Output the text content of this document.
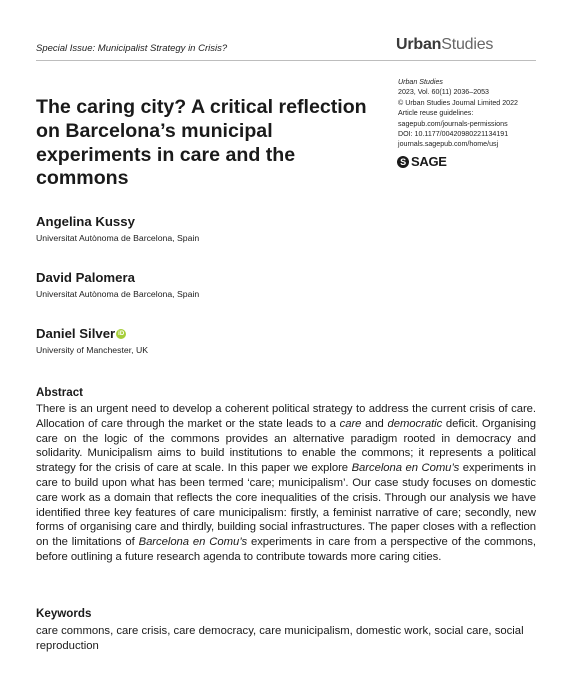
Special Issue: Municipalist Strategy in Crisis?	UrbanStudies
Urban Studies
2023, Vol. 60(11) 2036–2053
© Urban Studies Journal Limited 2022
Article reuse guidelines:
sagepub.com/journals-permissions
DOI: 10.1177/00420980221134191
journals.sagepub.com/home/usj
S SAGE
The caring city? A critical reflection on Barcelona’s municipal experiments in care and the commons
Angelina Kussy
Universitat Autònoma de Barcelona, Spain
David Palomera
Universitat Autònoma de Barcelona, Spain
Daniel Silver iD
University of Manchester, UK
Abstract

There is an urgent need to develop a coherent political strategy to address the current crisis of care. Allocation of care through the market or the state leads to a care and democratic deficit. Organising care on the logic of the commons provides an alternative paradigm rooted in democracy and solidarity. Municipalism aims to build institutions to enable the commons; it represents a political strategy for the crisis of care at scale. In this paper we explore Barcelona en Comu’s experiments in care to build upon what has been termed ‘care; municipalism’. Our case study focuses on domestic care work as a domain that reflects the core inequalities of the crisis. Through our analysis we have identified three key features of care municipalism: firstly, a feminist narrative of care; secondly, new forms of organising care and thirdly, building social infrastructures. The paper closes with a reflection on the limitations of Barcelona en Comu’s experiments in care from a perspective of the commons, before outlining a future research agenda to contribute towards more caring cities.

Keywords

care commons, care crisis, care democracy, care municipalism, domestic work, social care, social reproduction
